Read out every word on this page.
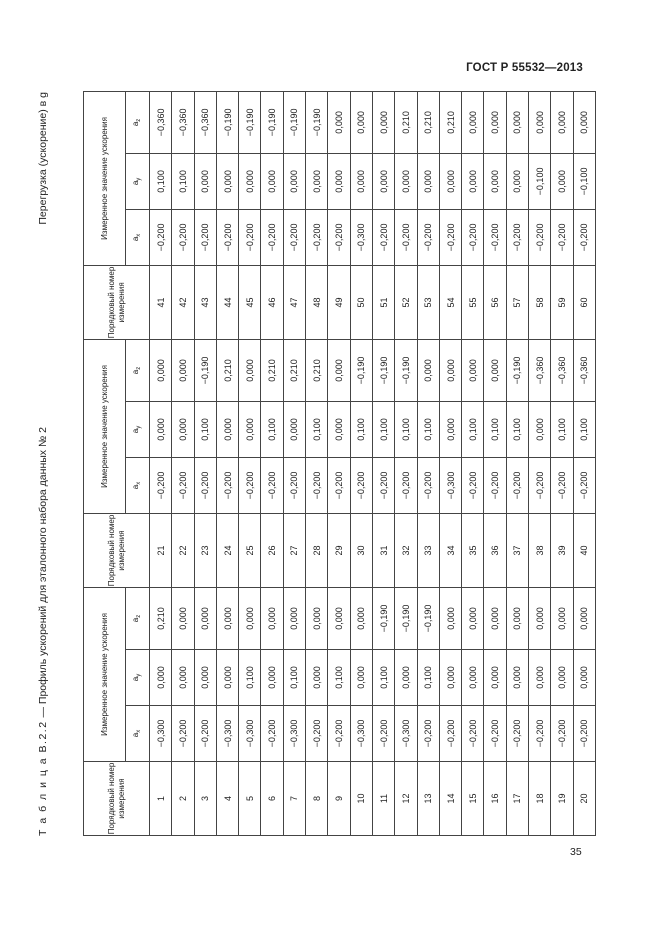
ГОСТ Р 55532—2013
Т а б л и ц а В.2.2 — Профиль ускорений для эталонного набора данных № 2
Перегрузка (ускорение) в g
Порядковый номер измерения	Измеренное значение ускорения			Порядковый номер измерения	Измеренное значение ускорения			Порядковый номер измерения	Измеренное значение ускорения		
	$a_x$	$a_y$	$a_z$		$a_x$	$a_y$	$a_z$		$a_x$	$a_y$	$a_z$
1	−0,300	0,000	0,210	21	−0,200	0,000	0,000	41	−0,200	0,100	−0,360
2	−0,200	0,000	0,000	22	−0,200	0,000	0,000	42	−0,200	0,100	−0,360
3	−0,200	0,000	0,000	23	−0,200	0,100	−0,190	43	−0,200	0,000	−0,360
4	−0,300	0,000	0,000	24	−0,200	0,000	0,210	44	−0,200	0,000	−0,190
5	−0,300	0,100	0,000	25	−0,200	0,000	0,000	45	−0,200	0,000	−0,190
6	−0,200	0,000	0,000	26	−0,200	0,100	0,210	46	−0,200	0,000	−0,190
7	−0,300	0,100	0,000	27	−0,200	0,000	0,210	47	−0,200	0,000	−0,190
8	−0,200	0,000	0,000	28	−0,200	0,100	0,210	48	−0,200	0,000	−0,190
9	−0,200	0,100	0,000	29	−0,200	0,000	0,000	49	−0,200	0,000	0,000
10	−0,300	0,000	0,000	30	−0,200	0,100	−0,190	50	−0,300	0,000	0,000
11	−0,200	0,100	−0,190	31	−0,200	0,100	−0,190	51	−0,200	0,000	0,000
12	−0,300	0,000	−0,190	32	−0,200	0,100	−0,190	52	−0,200	0,000	0,210
13	−0,200	0,100	−0,190	33	−0,200	0,100	0,000	53	−0,200	0,000	0,210
14	−0,200	0,000	0,000	34	−0,300	0,000	0,000	54	−0,200	0,000	0,210
15	−0,200	0,000	0,000	35	−0,200	0,100	0,000	55	−0,200	0,000	0,000
16	−0,200	0,000	0,000	36	−0,200	0,100	0,000	56	−0,200	0,000	0,000
17	−0,200	0,000	0,000	37	−0,200	0,100	−0,190	57	−0,200	0,000	0,000
18	−0,200	0,000	0,000	38	−0,200	0,000	−0,360	58	−0,200	−0,100	0,000
19	−0,200	0,000	0,000	39	−0,200	0,100	−0,360	59	−0,200	0,000	0,000
20	−0,200	0,000	0,000	40	−0,200	0,100	−0,360	60	−0,200	−0,100	0,000
35
